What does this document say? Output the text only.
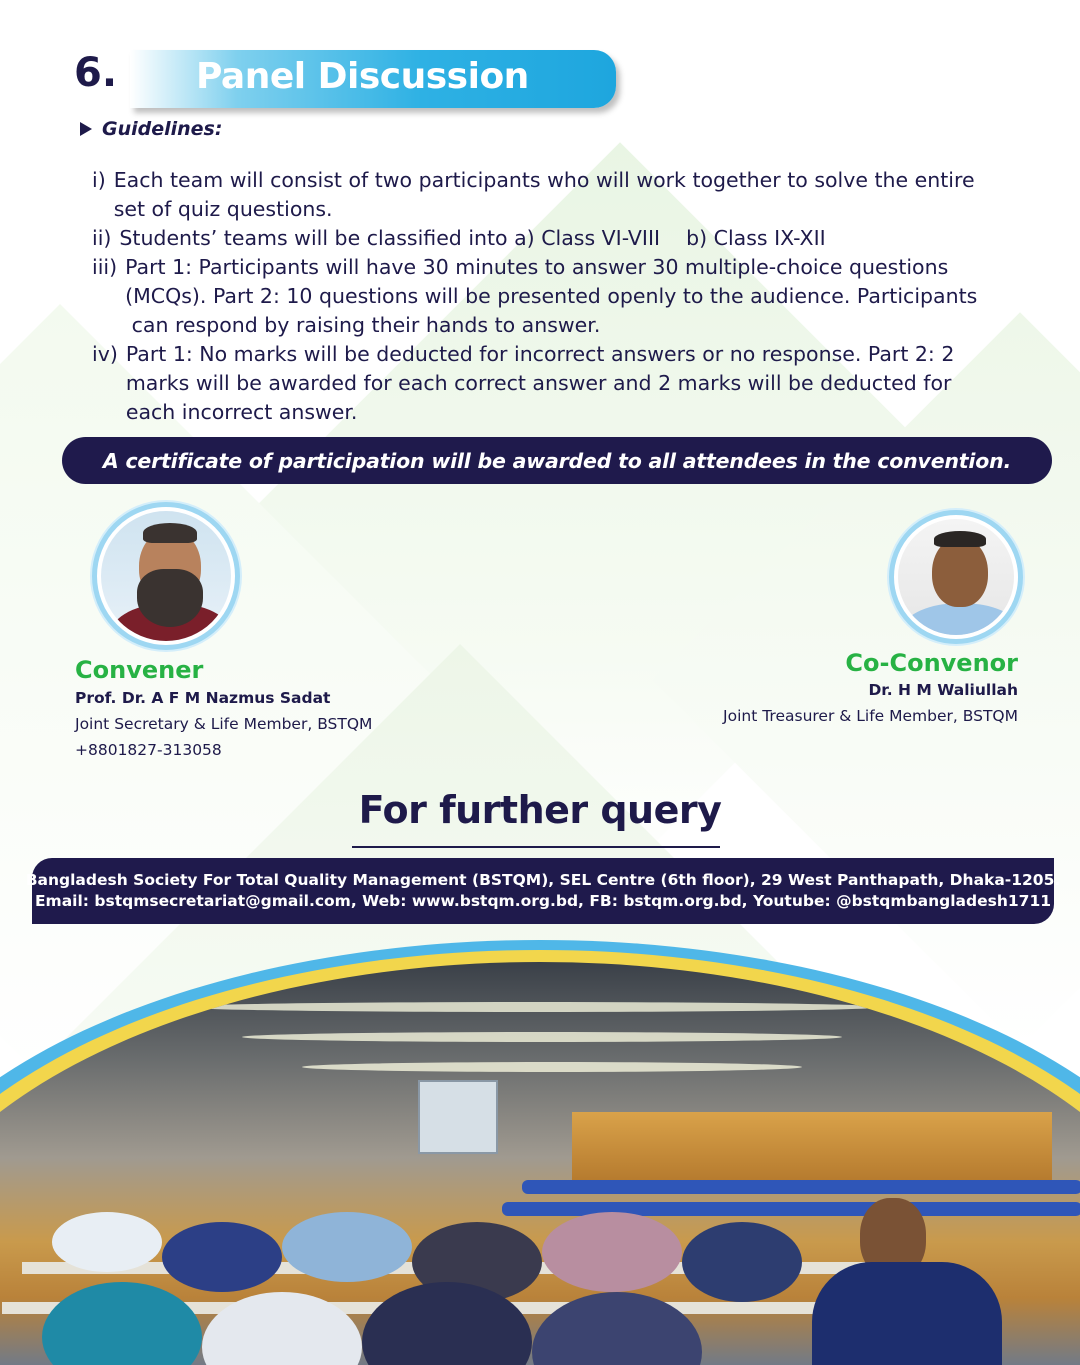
6. Panel Discussion
Guidelines:
i) Each team will consist of two participants who will work together to solve the entire
set of quiz questions.
ii) Students’ teams will be classified into a) Class VI-VIII    b) Class IX-XII
iii) Part 1: Participants will have 30 minutes to answer 30 multiple-choice questions
(MCQs). Part 2: 10 questions will be presented openly to the audience. Participants
can respond by raising their hands to answer.
iv) Part 1: No marks will be deducted for incorrect answers or no response. Part 2: 2
marks will be awarded for each correct answer and 2 marks will be deducted for
each incorrect answer.
A certificate of participation will be awarded to all attendees in the convention.
Convener
Prof. Dr. A F M Nazmus Sadat
Joint Secretary & Life Member, BSTQM
+8801827-313058
Co-Convenor
Dr. H M Waliullah
Joint Treasurer & Life Member, BSTQM
For further query
Bangladesh Society For Total Quality Management (BSTQM), SEL Centre (6th floor), 29 West Panthapath, Dhaka-1205.
Email: bstqmsecretariat@gmail.com, Web: www.bstqm.org.bd, FB: bstqm.org.bd, Youtube: @bstqmbangladesh1711
